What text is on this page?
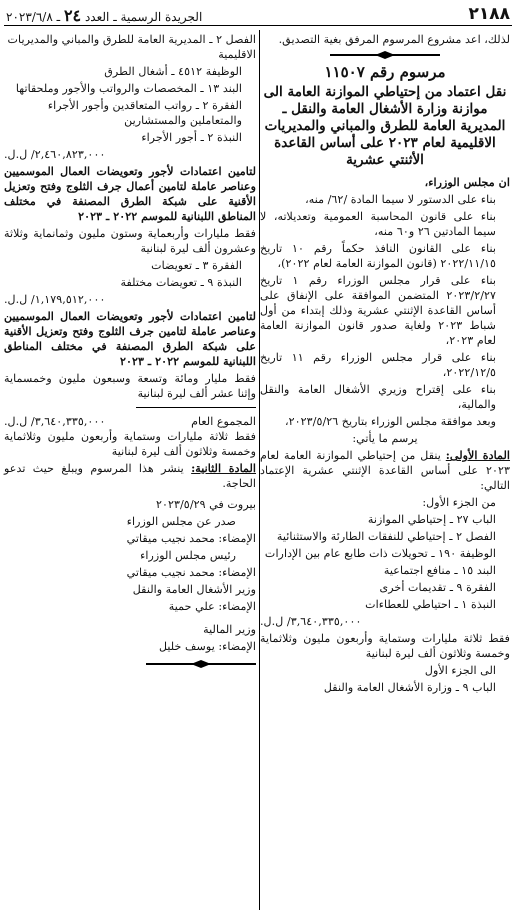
٢١٨٨
الجريدة الرسمية ـ العدد ٢٤ ـ ٢٠٢٣/٦/٨

لذلك، اعد مشروع المرسوم المرفق بغية التصديق.

مرسوم رقم ١١٥٠٧

نقل اعتماد من إحتياطي الموازنة العامة الى موازنة وزارة الأشغال العامة والنقل ـ المديرية العامة للطرق والمباني والمديريات الاقليمية لعام ٢٠٢٣ على أساس القاعدة الأثنتي عشرية

ان مجلس الوزراء،

بناء على الدستور لا سيما المادة /٦٢/ منه،

بناء على قانون المحاسبة العمومية وتعديلاته، لا سيما المادتين ٢٦ و٦٠ منه،

بناء على القانون النافذ حكماً رقم ١٠ تاريخ ٢٠٢٢/١١/١٥ (قانون الموازنة العامة لعام ٢٠٢٢)،

بناء على قرار مجلس الوزراء رقم ١ تاريخ ٢٠٢٣/٢/٢٧ المتضمن الموافقة على الإنفاق على أساس القاعدة الإثنتي عشرية وذلك إبتداء من أول شباط ٢٠٢٣ ولغاية صدور قانون الموازنة العامة لعام ٢٠٢٣،

بناء على قرار مجلس الوزراء رقم ١١ تاريخ ٢٠٢٢/١٢/٥،

بناء على إقتراح وزيري الأشغال العامة والنقل والمالية،

وبعد موافقة مجلس الوزراء بتاريخ ٢٠٢٣/٥/٢٦،

يرسم ما يأتي:

المادة الأولى: ينقل من إحتياطي الموازنة العامة لعام ٢٠٢٣ على أساس القاعدة الإثنتي عشرية الإعتماد التالي:

من الجزء الأول:

الباب ٢٧ ـ إحتياطي الموازنة

الفصل ٢ ـ إحتياطي للنفقات الطارئة والاستثنائية

الوظيفة ١٩٠ ـ تحويلات ذات طابع عام بين الإدارات

البند ١٥ ـ منافع اجتماعية

الفقرة ٩ ـ تقديمات أخرى

النبذة ١ ـ احتياطي للعطاءات

٣,٦٤٠,٣٣٥,٠٠٠/ ل.ل.

فقط ثلاثة مليارات وستماية وأربعون مليون وثلاثماية وخمسة وثلاثون ألف ليرة لبنانية

الى الجزء الأول

الباب ٩ ـ وزارة الأشغال العامة والنقل

الفصل ٢ ـ المديرية العامة للطرق والمباني والمديريات الاقليمية

الوظيفة ٤٥١٢ ـ أشغال الطرق

البند ١٣ ـ المخصصات والرواتب والأجور وملحقاتها

الفقرة ٢ ـ رواتب المتعاقدين وأجور الأجراء والمتعاملين والمستشارين

النبذة ٢ ـ أجور الأجراء

٢,٤٦٠,٨٢٣,٠٠٠/ ل.ل.

لتامين اعتمادات لأجور وتعويضات العمال الموسميين وعناصر عاملة لتامين أعمال جرف الثلوج وفتح وتعزيل الأقنية على شبكة الطرق المصنفة في مختلف المناطق اللبنانية للموسم ٢٠٢٢ ـ ٢٠٢٣

فقط مليارات وأربعماية وستون مليون وثمانماية وثلاثة وعشرون ألف ليرة لبنانية

الفقرة ٣ ـ تعويضات

النبذة ٩ ـ تعويضات مختلفة

١,١٧٩,٥١٢,٠٠٠/ ل.ل.

لتامين اعتمادات لأجور وتعويضات العمال الموسميين وعناصر عاملة لتامين جرف الثلوج وفتح وتعزيل الأقنية على شبكة الطرق المصنفة في مختلف المناطق اللبنانية للموسم ٢٠٢٢ ـ ٢٠٢٣

فقط مليار ومائة وتسعة وسبعون مليون وخمسماية وإثنا عشر ألف ليرة لبنانية

المجموع العام
٣,٦٤٠,٣٣٥,٠٠٠/ ل.ل.

فقط ثلاثة مليارات وستماية وأربعون مليون وثلاثماية وخمسة وثلاثون ألف ليرة لبنانية

المادة الثانية: ينشر هذا المرسوم ويبلغ حيث تدعو الحاجة.

بيروت في ٢٠٢٣/٥/٢٩

صدر عن مجلس الوزراء

الإمضاء: محمد نجيب ميقاتي

رئيس مجلس الوزراء

الإمضاء: محمد نجيب ميقاتي

وزير الأشغال العامة والنقل

الإمضاء: علي حمية

وزير المالية

الإمضاء: يوسف خليل
